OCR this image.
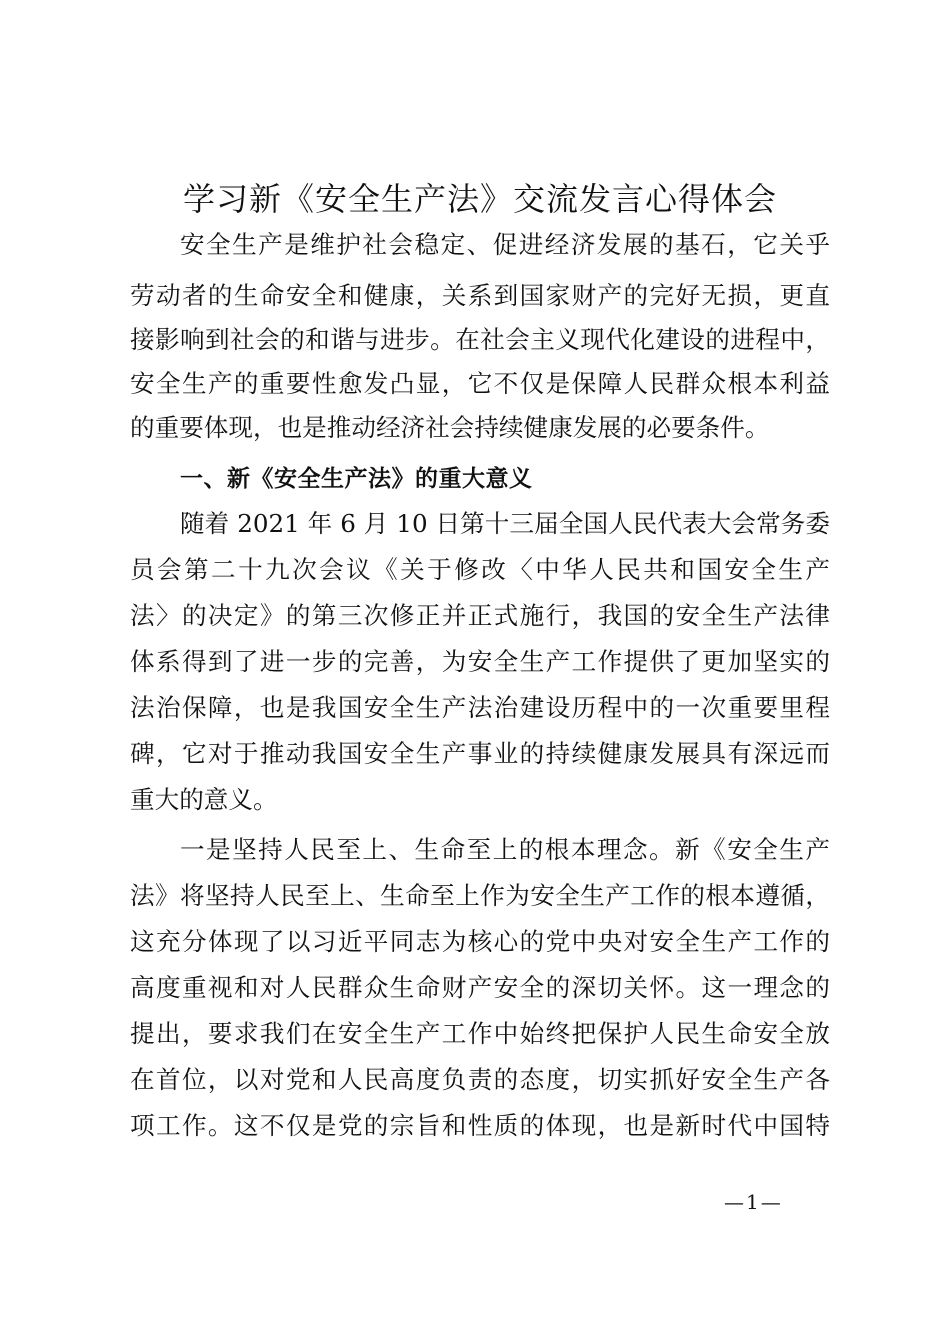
学习新《安全生产法》交流发言心得体会
安全生产是维护社会稳定、促进经济发展的基石，它关乎
劳动者的生命安全和健康，关系到国家财产的完好无损，更直
接影响到社会的和谐与进步。在社会主义现代化建设的进程中，
安全生产的重要性愈发凸显，它不仅是保障人民群众根本利益
的重要体现，也是推动经济社会持续健康发展的必要条件。
一、新《安全生产法》的重大意义
随着 2021 年 6 月 10 日第十三届全国人民代表大会常务委
员会第二十九次会议《关于修改〈中华人民共和国安全生产
法〉的决定》的第三次修正并正式施行，我国的安全生产法律
体系得到了进一步的完善，为安全生产工作提供了更加坚实的
法治保障，也是我国安全生产法治建设历程中的一次重要里程
碑，它对于推动我国安全生产事业的持续健康发展具有深远而
重大的意义。
一是坚持人民至上、生命至上的根本理念。新《安全生产
法》将坚持人民至上、生命至上作为安全生产工作的根本遵循，
这充分体现了以习近平同志为核心的党中央对安全生产工作的
高度重视和对人民群众生命财产安全的深切关怀。这一理念的
提出，要求我们在安全生产工作中始终把保护人民生命安全放
在首位，以对党和人民高度负责的态度，切实抓好安全生产各
项工作。这不仅是党的宗旨和性质的体现，也是新时代中国特
—1—
